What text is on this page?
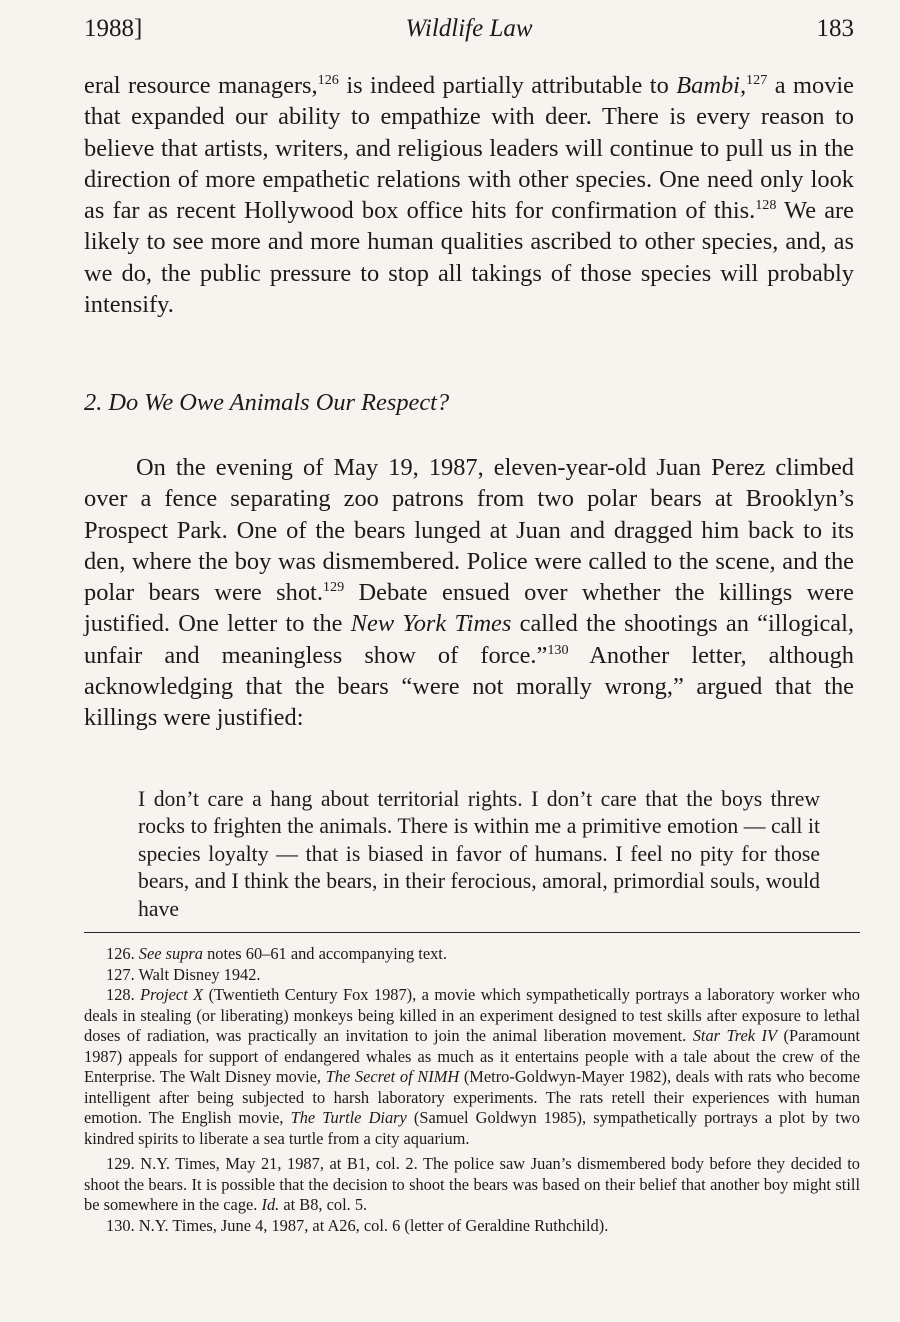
1988]	Wildlife Law	183

eral resource managers,$^{126}$ is indeed partially attributable to Bambi,$^{127}$ a movie that expanded our ability to empathize with deer. There is every reason to believe that artists, writers, and religious leaders will continue to pull us in the direction of more empathetic relations with other species. One need only look as far as recent Hollywood box office hits for confirmation of this.$^{128}$ We are likely to see more and more human qualities ascribed to other species, and, as we do, the public pressure to stop all takings of those species will probably intensify.

2. Do We Owe Animals Our Respect?

On the evening of May 19, 1987, eleven-year-old Juan Perez climbed over a fence separating zoo patrons from two polar bears at Brooklyn’s Prospect Park. One of the bears lunged at Juan and dragged him back to its den, where the boy was dismembered. Police were called to the scene, and the polar bears were shot.$^{129}$ Debate ensued over whether the killings were justified. One letter to the New York Times called the shootings an “illogical, unfair and meaningless show of force.”$^{130}$ Another letter, although acknowledging that the bears “were not morally wrong,” argued that the killings were justified:

I don’t care a hang about territorial rights. I don’t care that the boys threw rocks to frighten the animals. There is within me a primitive emotion — call it species loyalty — that is biased in favor of humans. I feel no pity for those bears, and I think the bears, in their ferocious, amoral, primordial souls, would have

126. See supra notes 60–61 and accompanying text.

127. Walt Disney 1942.

128. Project X (Twentieth Century Fox 1987), a movie which sympathetically portrays a laboratory worker who deals in stealing (or liberating) monkeys being killed in an experiment designed to test skills after exposure to lethal doses of radiation, was practically an invitation to join the animal liberation movement. Star Trek IV (Paramount 1987) appeals for support of endangered whales as much as it entertains people with a tale about the crew of the Enterprise. The Walt Disney movie, The Secret of NIMH (Metro-Goldwyn-Mayer 1982), deals with rats who become intelligent after being subjected to harsh laboratory experiments. The rats retell their experiences with human emotion. The English movie, The Turtle Diary (Samuel Goldwyn 1985), sympathetically portrays a plot by two kindred spirits to liberate a sea turtle from a city aquarium.

129. N.Y. Times, May 21, 1987, at B1, col. 2. The police saw Juan’s dismembered body before they decided to shoot the bears. It is possible that the decision to shoot the bears was based on their belief that another boy might still be somewhere in the cage. Id. at B8, col. 5.

130. N.Y. Times, June 4, 1987, at A26, col. 6 (letter of Geraldine Ruthchild).
